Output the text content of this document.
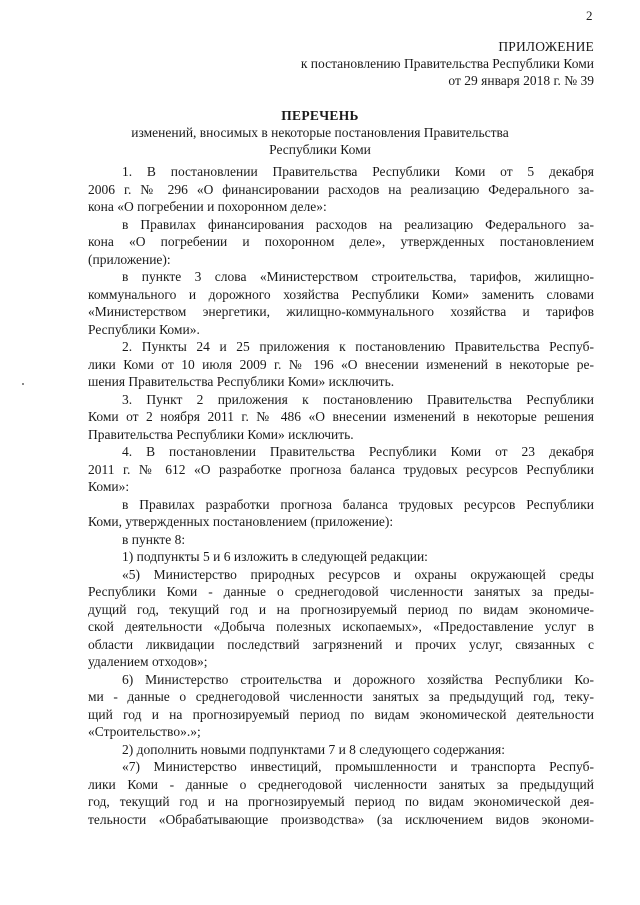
2
ПРИЛОЖЕНИЕ
к постановлению Правительства Республики Коми
от 29 января 2018 г. № 39
ПЕРЕЧЕНЬ
изменений, вносимых в некоторые постановления Правительства
Республики Коми
1. В постановлении Правительства Республики Коми от 5 декабря
2006 г. № 296 «О финансировании расходов на реализацию Федерального за-
кона «О погребении и похоронном деле»:
в Правилах финансирования расходов на реализацию Федерального за-
кона «О погребении и похоронном деле», утвержденных постановлением
(приложение):
в пункте 3 слова «Министерством строительства, тарифов, жилищно-
коммунального и дорожного хозяйства Республики Коми» заменить словами
«Министерством энергетики, жилищно-коммунального хозяйства и тарифов
Республики Коми».
2. Пункты 24 и 25 приложения к постановлению Правительства Респуб-
лики Коми от 10 июля 2009 г. № 196 «О внесении изменений в некоторые ре-
шения Правительства Республики Коми» исключить.
3. Пункт 2 приложения к постановлению Правительства Республики
Коми от 2 ноября 2011 г. № 486 «О внесении изменений в некоторые решения
Правительства Республики Коми» исключить.
4. В постановлении Правительства Республики Коми от 23 декабря
2011 г. № 612 «О разработке прогноза баланса трудовых ресурсов Республики
Коми»:
в Правилах разработки прогноза баланса трудовых ресурсов Республики
Коми, утвержденных постановлением (приложение):
в пункте 8:
1) подпункты 5 и 6 изложить в следующей редакции:
«5) Министерство природных ресурсов и охраны окружающей среды
Республики Коми - данные о среднегодовой численности занятых за преды-
дущий год, текущий год и на прогнозируемый период по видам экономиче-
ской деятельности «Добыча полезных ископаемых», «Предоставление услуг в
области ликвидации последствий загрязнений и прочих услуг, связанных с
удалением отходов»;
6) Министерство строительства и дорожного хозяйства Республики Ко-
ми - данные о среднегодовой численности занятых за предыдущий год, теку-
щий год и на прогнозируемый период по видам экономической деятельности
«Строительство».»;
2) дополнить новыми подпунктами 7 и 8 следующего содержания:
«7) Министерство инвестиций, промышленности и транспорта Респуб-
лики Коми - данные о среднегодовой численности занятых за предыдущий
год, текущий год и на прогнозируемый период по видам экономической дея-
тельности «Обрабатывающие производства» (за исключением видов экономи-
